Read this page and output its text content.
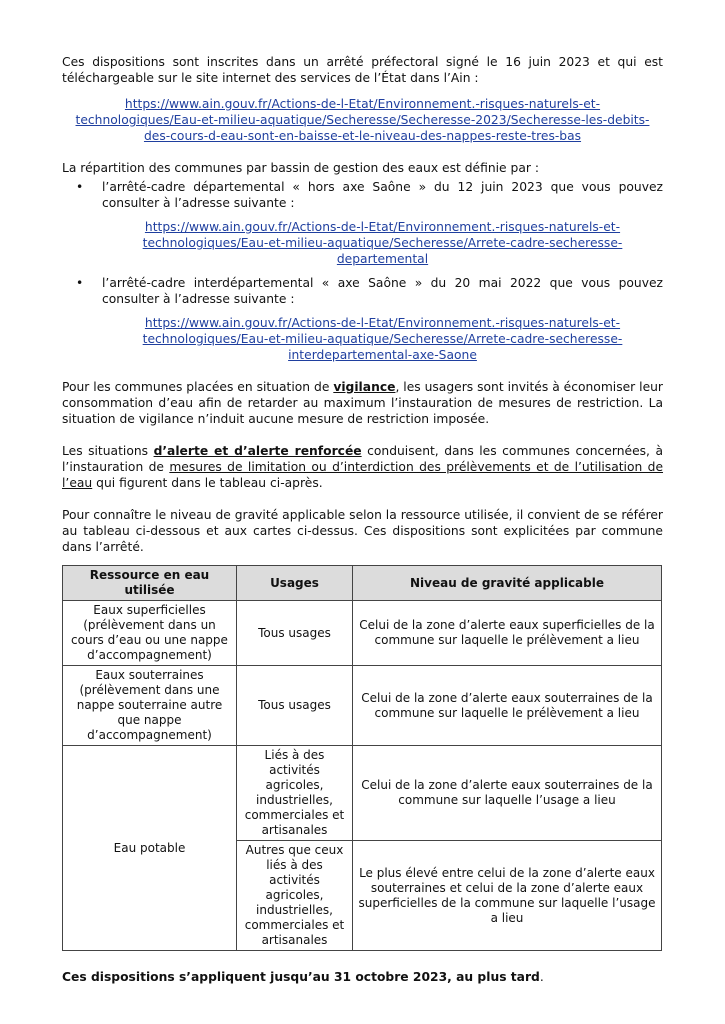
Ces dispositions sont inscrites dans un arrêté préfectoral signé le 16 juin 2023 et qui est téléchargeable sur le site internet des services de l’État dans l’Ain :

https://www.ain.gouv.fr/Actions-de-l-Etat/Environnement.-risques-naturels-et-
technologiques/Eau-et-milieu-aquatique/Secheresse/Secheresse-2023/Secheresse-les-debits-
des-cours-d-eau-sont-en-baisse-et-le-niveau-des-nappes-reste-tres-bas

La répartition des communes par bassin de gestion des eaux est définie par :

• l’arrêté-cadre départemental « hors axe Saône » du 12 juin 2023 que vous pouvez consulter à l’adresse suivante :
https://www.ain.gouv.fr/Actions-de-l-Etat/Environnement.-risques-naturels-et-
technologiques/Eau-et-milieu-aquatique/Secheresse/Arrete-cadre-secheresse-
departemental
• l’arrêté-cadre interdépartemental « axe Saône » du 20 mai 2022 que vous pouvez consulter à l’adresse suivante :
https://www.ain.gouv.fr/Actions-de-l-Etat/Environnement.-risques-naturels-et-
technologiques/Eau-et-milieu-aquatique/Secheresse/Arrete-cadre-secheresse-
interdepartemental-axe-Saone

Pour les communes placées en situation de vigilance, les usagers sont invités à économiser leur consommation d’eau afin de retarder au maximum l’instauration de mesures de restriction. La situation de vigilance n’induit aucune mesure de restriction imposée.

Les situations d’alerte et d’alerte renforcée conduisent, dans les communes concernées, à l’instauration de mesures de limitation ou d’interdiction des prélèvements et de l’utilisation de l’eau qui figurent dans le tableau ci-après.

Pour connaître le niveau de gravité applicable selon la ressource utilisée, il convient de se référer au tableau ci-dessous et aux cartes ci-dessus. Ces dispositions sont explicitées par commune dans l’arrêté.

Ressource en eau utilisée	Usages	Niveau de gravité applicable
Eaux superficielles (prélèvement dans un cours d’eau ou une nappe d’accompagnement)	Tous usages	Celui de la zone d’alerte eaux superficielles de la commune sur laquelle le prélèvement a lieu
Eaux souterraines (prélèvement dans une nappe souterraine autre que nappe d’accompagnement)	Tous usages	Celui de la zone d’alerte eaux souterraines de la commune sur laquelle le prélèvement a lieu
Eau potable	Liés à des activités agricoles, industrielles, commerciales et artisanales	Celui de la zone d’alerte eaux souterraines de la commune sur laquelle l’usage a lieu
	Autres que ceux liés à des activités agricoles, industrielles, commerciales et artisanales	Le plus élevé entre celui de la zone d’alerte eaux souterraines et celui de la zone d’alerte eaux superficielles de la commune sur laquelle l’usage a lieu

Ces dispositions s’appliquent jusqu’au 31 octobre 2023, au plus tard.
